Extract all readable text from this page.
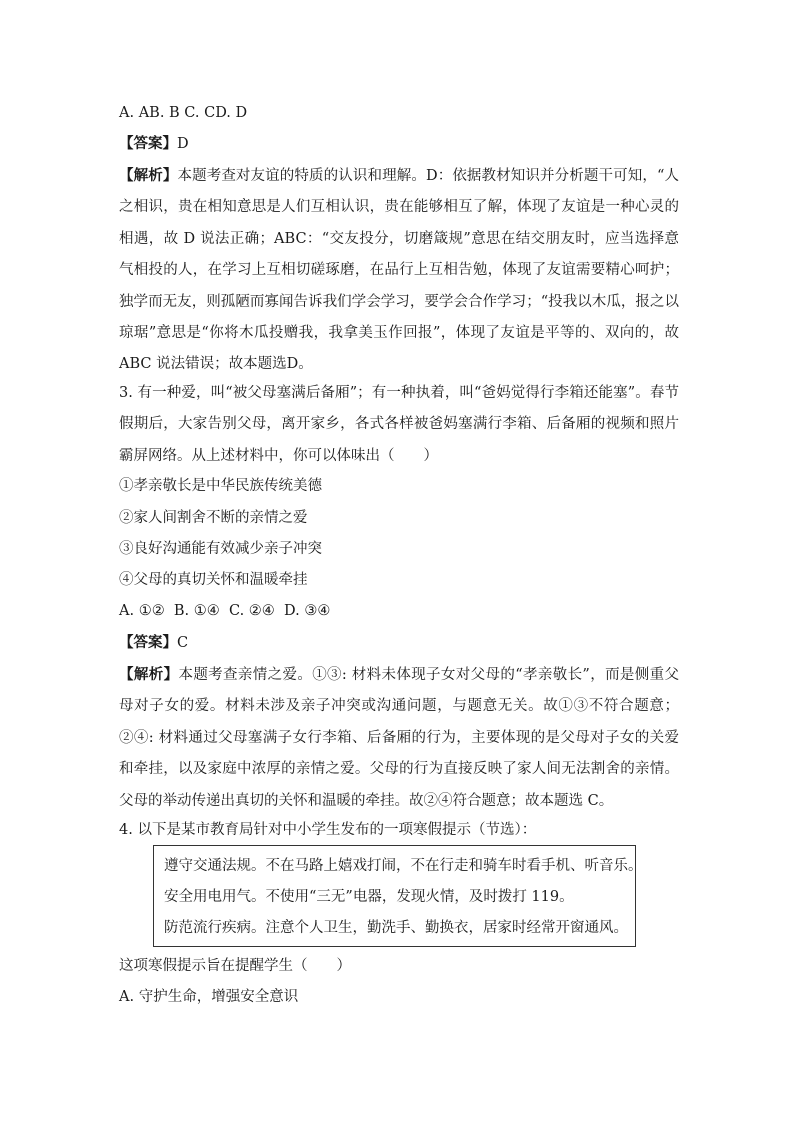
A. AB. B C. CD. D
【答案】D
【解析】本题考查对友谊的特质的认识和理解。D：依据教材知识并分析题干可知，“人之相识，贵在相知意思是人们互相认识，贵在能够相互了解，体现了友谊是一种心灵的相遇，故 D 说法正确；ABC：“交友投分，切磨箴规”意思在结交朋友时，应当选择意气相投的人，在学习上互相切磋琢磨，在品行上互相告勉，体现了友谊需要精心呵护；独学而无友，则孤陋而寡闻告诉我们学会学习，要学会合作学习；“投我以木瓜，报之以琼琚”意思是“你将木瓜投赠我，我拿美玉作回报”，体现了友谊是平等的、双向的，故 ABC 说法错误；故本题选D。
3. 有一种爱，叫“被父母塞满后备厢”；有一种执着，叫“爸妈觉得行李箱还能塞”。春节假期后，大家告别父母，离开家乡，各式各样被爸妈塞满行李箱、后备厢的视频和照片霸屏网络。从上述材料中，你可以体味出（　　）
①孝亲敬长是中华民族传统美德
②家人间割舍不断的亲情之爱
③良好沟通能有效减少亲子冲突
④父母的真切关怀和温暖牵挂
A. ①②  B. ①④  C. ②④  D. ③④
【答案】C
【解析】本题考查亲情之爱。①③: 材料未体现子女对父母的“孝亲敬长”，而是侧重父母对子女的爱。材料未涉及亲子冲突或沟通问题，与题意无关。故①③不符合题意；②④: 材料通过父母塞满子女行李箱、后备厢的行为，主要体现的是父母对子女的关爱和牵挂，以及家庭中浓厚的亲情之爱。父母的行为直接反映了家人间无法割舍的亲情。父母的举动传递出真切的关怀和温暖的牵挂。故②④符合题意；故本题选 C。
4. 以下是某市教育局针对中小学生发布的一项寒假提示（节选）：
遵守交通法规。不在马路上嬉戏打闹，不在行走和骑车时看手机、听音乐。
安全用电用气。不使用“三无”电器，发现火情，及时拨打 119。
防范流行疾病。注意个人卫生，勤洗手、勤换衣，居家时经常开窗通风。
这项寒假提示旨在提醒学生（　　）
A. 守护生命，增强安全意识
